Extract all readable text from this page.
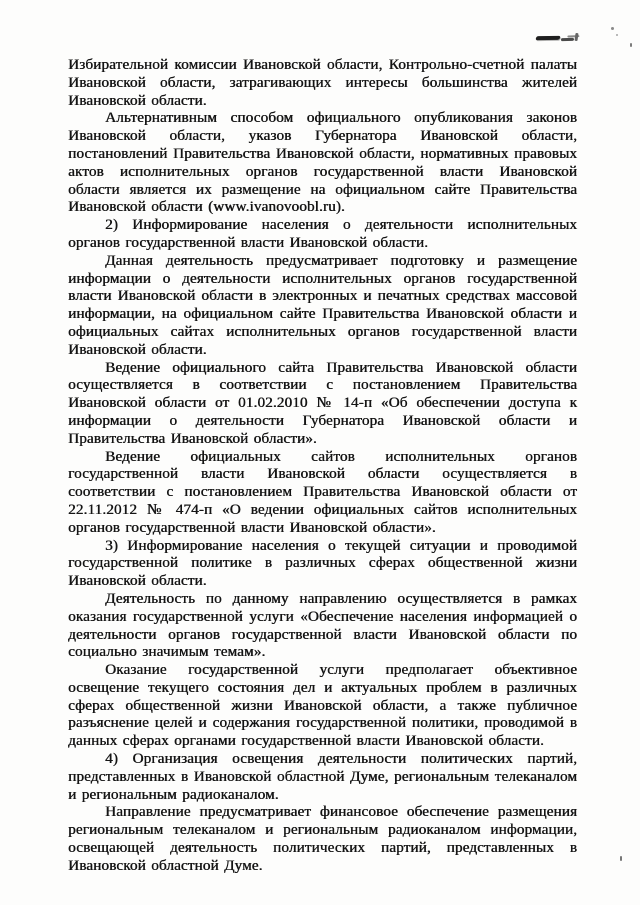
Избирательной комиссии Ивановской области, Контрольно-счетной палаты Ивановской области, затрагивающих интересы большинства жителей Ивановской области.

Альтернативным способом официального опубликования законов Ивановской области, указов Губернатора Ивановской области, постановлений Правительства Ивановской области, нормативных правовых актов исполнительных органов государственной власти Ивановской области является их размещение на официальном сайте Правительства Ивановской области (www.ivanovoobl.ru).

2) Информирование населения о деятельности исполнительных органов государственной власти Ивановской области.

Данная деятельность предусматривает подготовку и размещение информации о деятельности исполнительных органов государственной власти Ивановской области в электронных и печатных средствах массовой информации, на официальном сайте Правительства Ивановской области и официальных сайтах исполнительных органов государственной власти Ивановской области.

Ведение официального сайта Правительства Ивановской области осуществляется в соответствии с постановлением Правительства Ивановской области от 01.02.2010 № 14-п «Об обеспечении доступа к информации о деятельности Губернатора Ивановской области и Правительства Ивановской области».

Ведение официальных сайтов исполнительных органов государственной власти Ивановской области осуществляется в соответствии с постановлением Правительства Ивановской области от 22.11.2012 № 474-п «О ведении официальных сайтов исполнительных органов государственной власти Ивановской области».

3) Информирование населения о текущей ситуации и проводимой государственной политике в различных сферах общественной жизни Ивановской области.

Деятельность по данному направлению осуществляется в рамках оказания государственной услуги «Обеспечение населения информацией о деятельности органов государственной власти Ивановской области по социально значимым темам».

Оказание государственной услуги предполагает объективное освещение текущего состояния дел и актуальных проблем в различных сферах общественной жизни Ивановской области, а также публичное разъяснение целей и содержания государственной политики, проводимой в данных сферах органами государственной власти Ивановской области.

4) Организация освещения деятельности политических партий, представленных в Ивановской областной Думе, региональным телеканалом и региональным радиоканалом.

Направление предусматривает финансовое обеспечение размещения региональным телеканалом и региональным радиоканалом информации, освещающей деятельность политических партий, представленных в Ивановской областной Думе.
